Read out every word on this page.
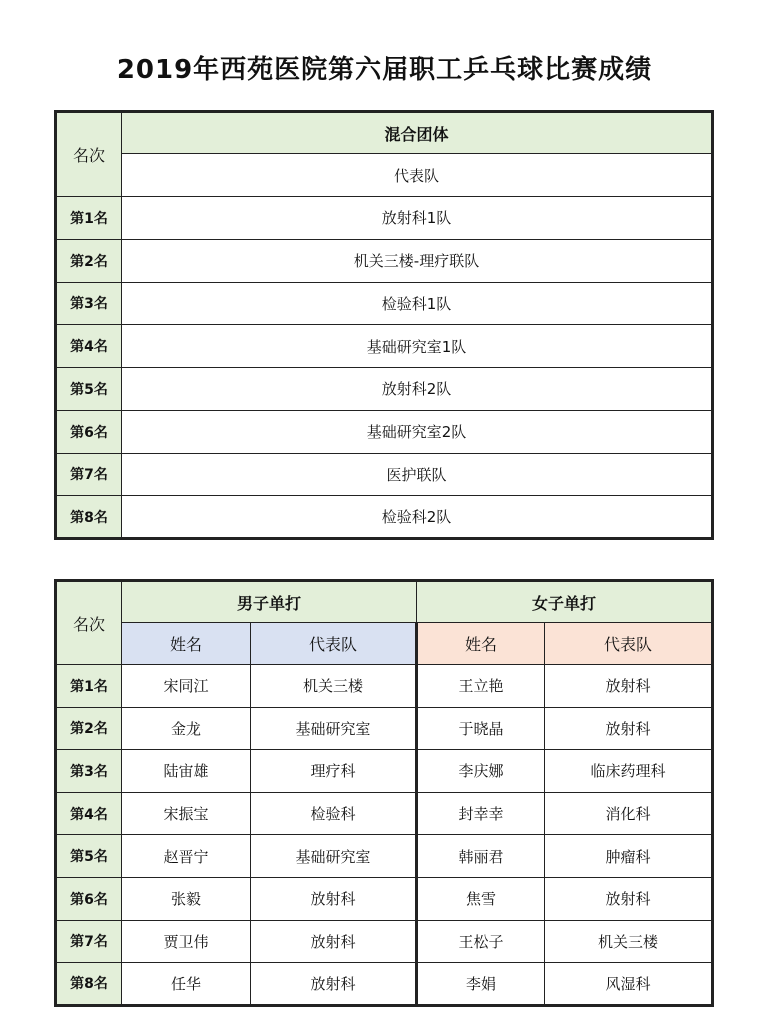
2019年西苑医院第六届职工乒乓球比赛成绩
名次	混合团体
	代表队
第1名	放射科1队
第2名	机关三楼-理疗联队
第3名	检验科1队
第4名	基础研究室1队
第5名	放射科2队
第6名	基础研究室2队
第7名	医护联队
第8名	检验科2队
名次	男子单打		女子单打	
	姓名	代表队	姓名	代表队
第1名	宋同江	机关三楼	王立艳	放射科
第2名	金龙	基础研究室	于晓晶	放射科
第3名	陆宙雄	理疗科	李庆娜	临床药理科
第4名	宋振宝	检验科	封幸幸	消化科
第5名	赵晋宁	基础研究室	韩丽君	肿瘤科
第6名	张毅	放射科	焦雪	放射科
第7名	贾卫伟	放射科	王松子	机关三楼
第8名	任华	放射科	李娟	风湿科
